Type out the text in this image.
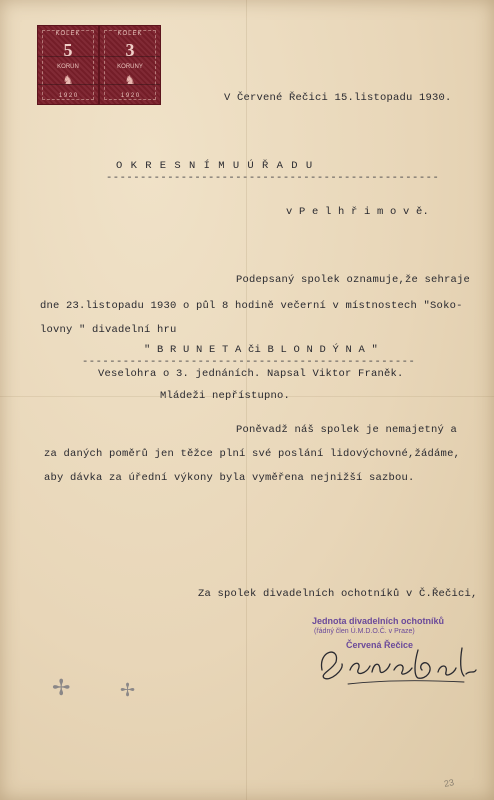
KOLEK
5
KORUN
♞
1 9 2 0
KOLEK
3
KORUNY
♞
1 9 2 0	V Červené Řečici 15.listopadu 1930.
O K R E S N Í M U Ú Ř A D U
-------------------------------------------------
v P e l h ř i m o v ě.
Podepsaný spolek oznamuje,že sehraje
dne 23.listopadu 1930 o půl 8 hodině večerní v místnostech "Soko-
lovny " divadelní hru
" B R U N E T A či B L O N D Ý N A "
-------------------------------------------------
Veselohra o 3. jednáních. Napsal Viktor Franěk.
Mládeži nepřístupno.
Poněvadž náš spolek je nemajetný a
za daných poměrů jen těžce plní své poslání lidovýchovné,žádáme,
aby dávka za úřední výkony byla vyměřena nejnižší sazbou.
Za spolek divadelních ochotníků v Č.Řečici,
Jednota divadelních ochotníků
(řádný člen Ú.M.D.O.Č. v Praze)
Červená Řečice
✢	✢
23
